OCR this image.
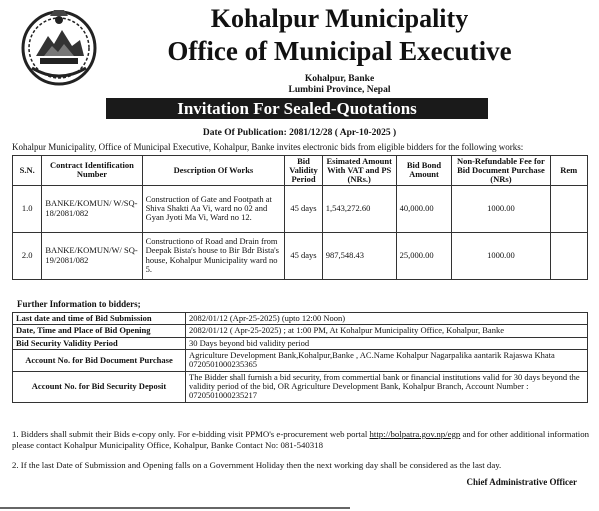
Kohalpur Municipality
Office of Municipal Executive
Kohalpur, Banke
Lumbini Province, Nepal
Invitation For Sealed-Quotations
Date Of Publication: 2081/12/28 ( Apr-10-2025 )
Kohalpur Municipality, Office of Municipal Executive, Kohalpur, Banke invites electronic bids from eligible bidders for the following works:
S.N.	Contract Identification Number	Description Of Works	Bid Validity Period	Esimated Amount With VAT and PS (NRs.)	Bid Bond Amount	Non-Refundable Fee for Bid Document Purchase (NRs)	Rem
1.0	BANKE/KOMUN/ W/SQ-18/2081/082	Construction of Gate and Footpath at Shiva Shakti Aa Vi, ward no 02 and Gyan Jyoti Ma Vi, Ward no 12.	45 days	1,543,272.60	40,000.00	1000.00	
2.0	BANKE/KOMUN/W/ SQ-19/2081/082	Constructiono of Road and Drain from Deepak Bista's house to Bir Bdr Bista's house, Kohalpur Municipality ward no 5.	45 days	987,548.43	25,000.00	1000.00	
Further Information to bidders;
Last date and time of Bid Submission	2082/01/12 (Apr-25-2025) (upto 12:00 Noon)
Date, Time and Place of Bid Opening	2082/01/12 ( Apr-25-2025) ; at 1:00 PM, At Kohalpur Municipality Office, Kohalpur, Banke
Bid Security Validity Period	30 Days beyond bid validity period
Account No. for Bid Document Purchase	Agriculture Development Bank,Kohalpur,Banke , AC.Name Kohalpur Nagarpalika aantarik Rajaswa Khata 0720501000235365
Account No. for Bid Security Deposit	The Bidder shall furnish a bid security, from commertial bank or financial institutions valid for 30 days beyond the validity period of the bid, OR Agriculture Development Bank, Kohalpur Branch, Account Number : 0720501000235217
1. Bidders shall submit their Bids e-copy only. For e-bidding visit PPMO's e-procurement web portal http://bolpatra.gov.np/egp and for other additional information please contact Kohalpur Municipality Office, Kohalpur, Banke Contact No: 081-540318
2. If the last Date of Submission and Opening falls on a Government Holiday then the next working day shall be considered as the last day.
Chief Administrative Officer
